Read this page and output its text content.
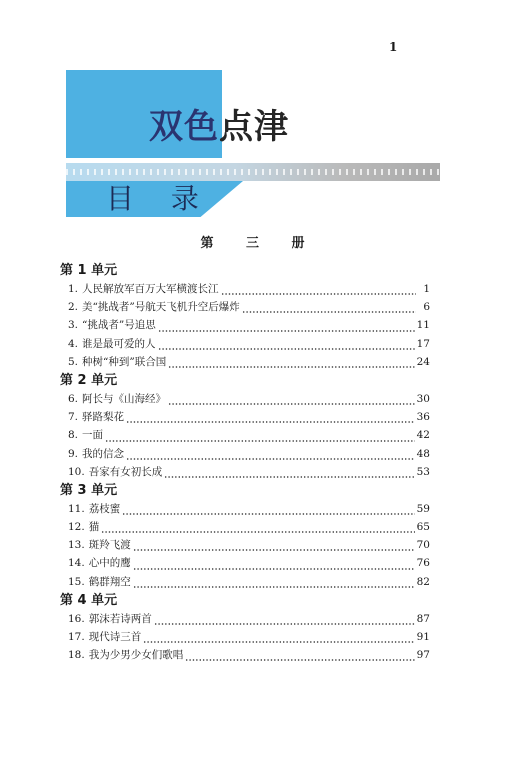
1
双色点津
目 录
第 三 册
第 1 单元
1. 人民解放军百万大军横渡长江	1
2. 美“挑战者”号航天飞机升空后爆炸	6
3. “挑战者”号追思	11
4. 谁是最可爱的人	17
5. 种树“种到”联合国	24
第 2 单元
6. 阿长与《山海经》	30
7. 驿路梨花	36
8. 一面	42
9. 我的信念	48
10. 吾家有女初长成	53
第 3 单元
11. 荔枝蜜	59
12. 猫	65
13. 斑羚飞渡	70
14. 心中的鹰	76
15. 鹤群翔空	82
第 4 单元
16. 郭沫若诗两首	87
17. 现代诗三首	91
18. 我为少男少女们歌唱	97
